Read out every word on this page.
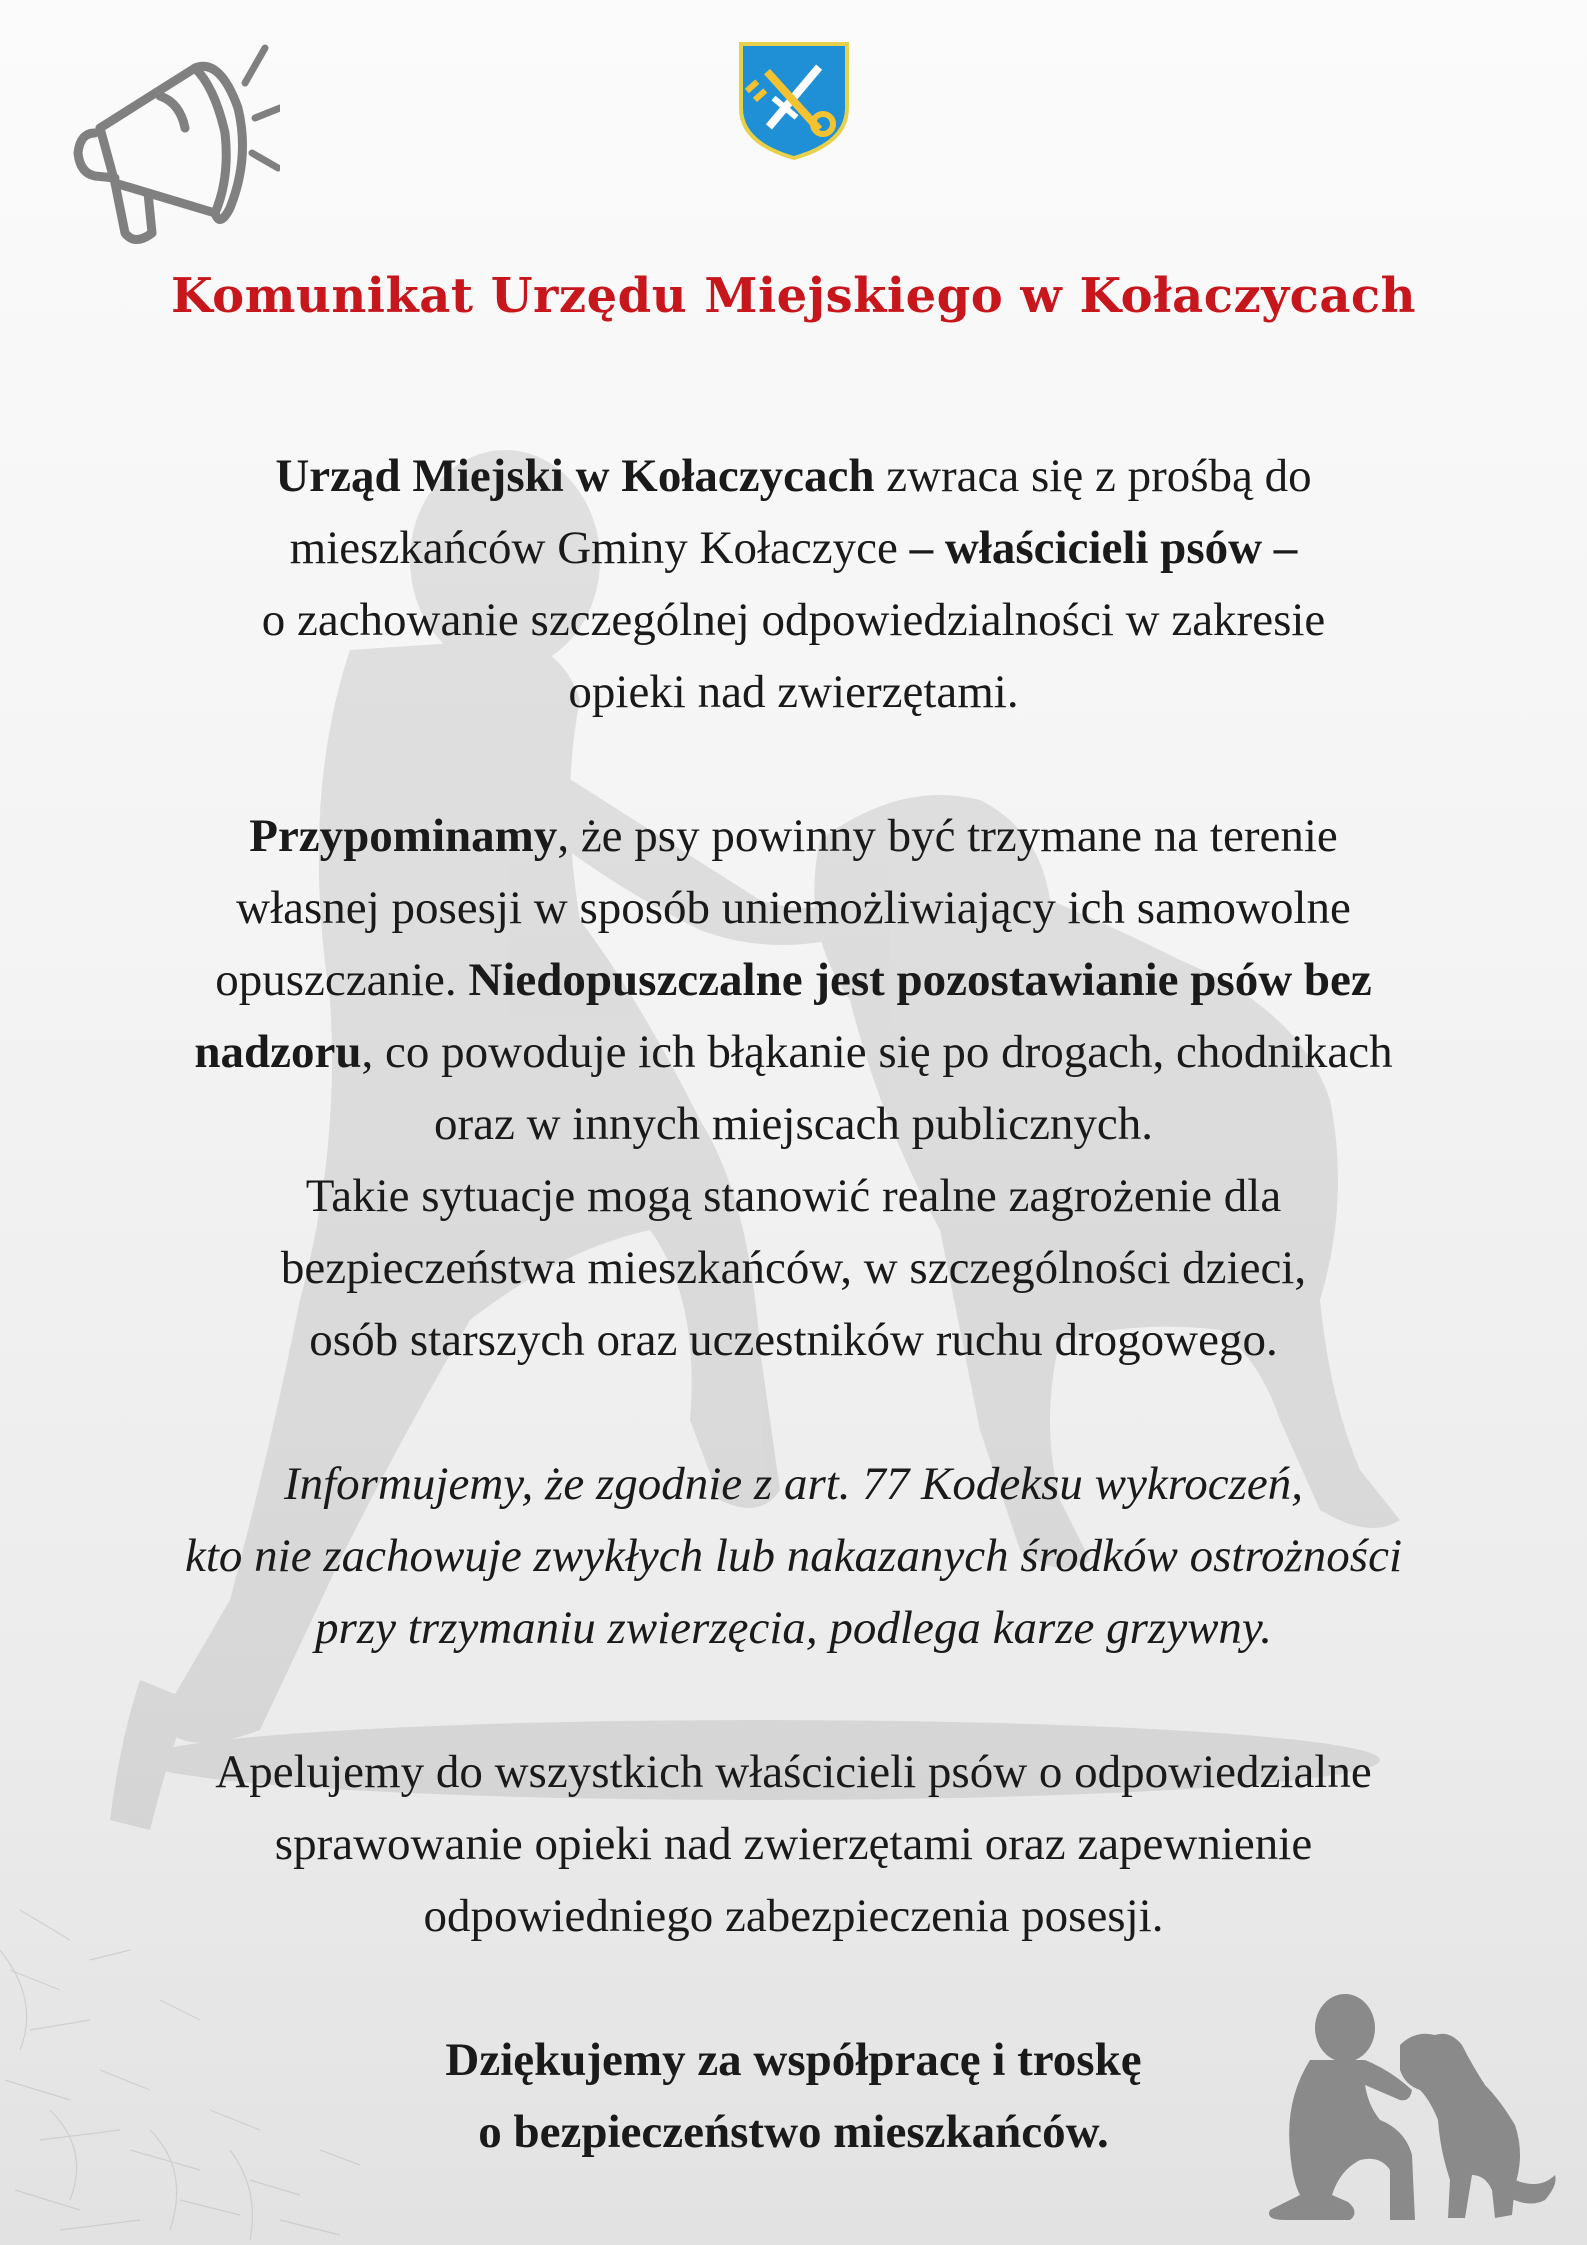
Komunikat Urzędu Miejskiego w Kołaczycach

Urząd Miejski w Kołaczycach zwraca się z prośbą do

mieszkańców Gminy Kołaczyce – właścicieli psów –

o zachowanie szczególnej odpowiedzialności w zakresie

opieki nad zwierzętami.

Przypominamy, że psy powinny być trzymane na terenie

własnej posesji w sposób uniemożliwiający ich samowolne

opuszczanie. Niedopuszczalne jest pozostawianie psów bez

nadzoru, co powoduje ich błąkanie się po drogach, chodnikach

oraz w innych miejscach publicznych.

Takie sytuacje mogą stanowić realne zagrożenie dla

bezpieczeństwa mieszkańców, w szczególności dzieci,

osób starszych oraz uczestników ruchu drogowego.

Informujemy, że zgodnie z art. 77 Kodeksu wykroczeń,

kto nie zachowuje zwykłych lub nakazanych środków ostrożności

przy trzymaniu zwierzęcia, podlega karze grzywny.

Apelujemy do wszystkich właścicieli psów o odpowiedzialne

sprawowanie opieki nad zwierzętami oraz zapewnienie

odpowiedniego zabezpieczenia posesji.

Dziękujemy za współpracę i troskę

o bezpieczeństwo mieszkańców.
